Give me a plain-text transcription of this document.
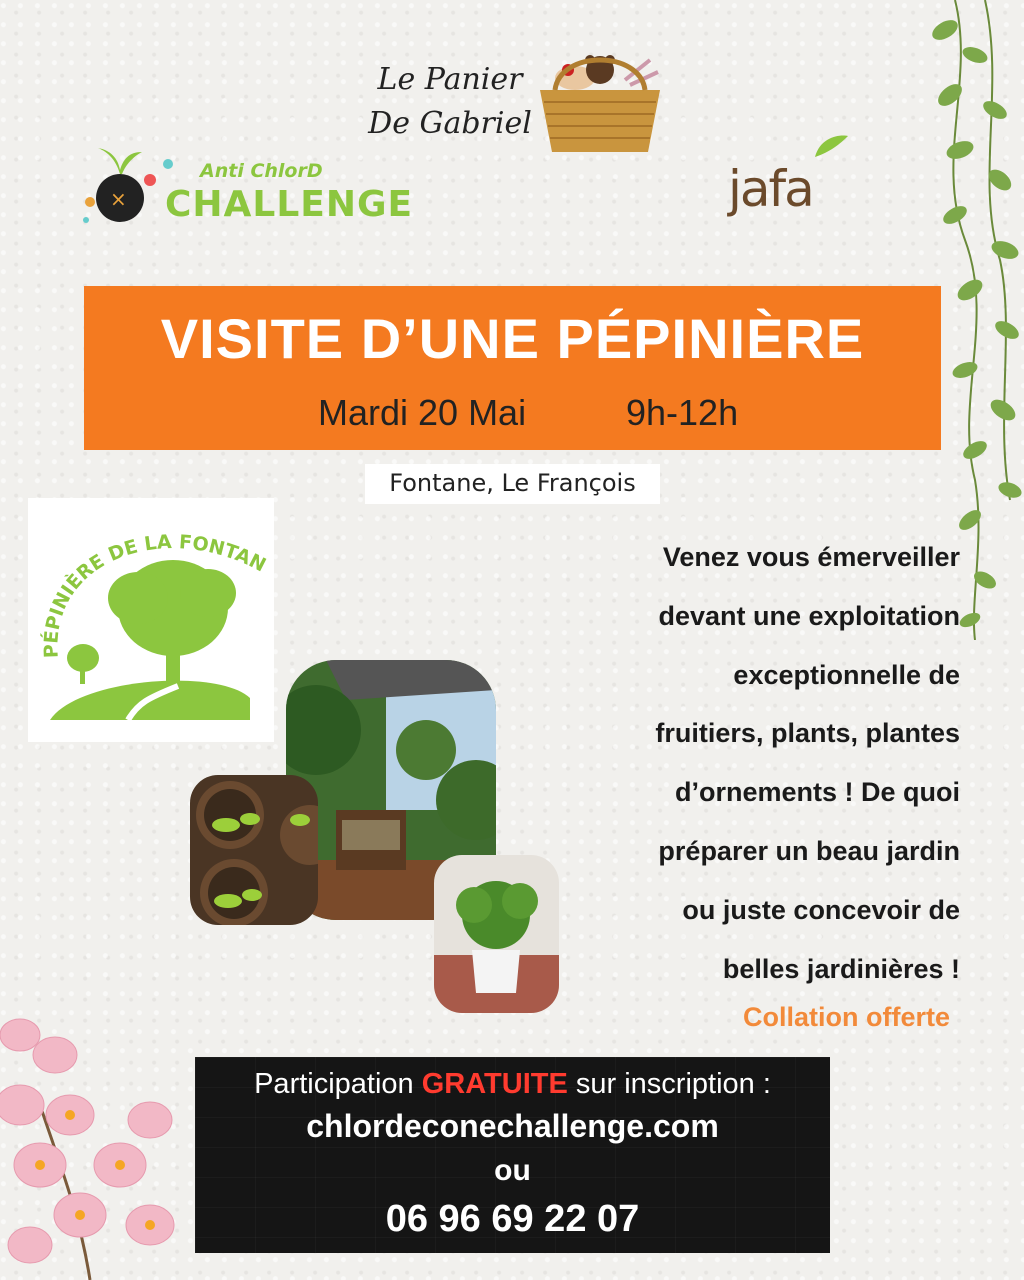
Le Panier
De Gabriel
×
Anti ChlorD
CHALLENGE	jafa
VISITE D’UNE PÉPINIÈRE
Mardi 20 Mai	9h-12h
Fontane, Le François
PÉPINIÈRE DE LA FONTAN	Venez vous émerveiller
devant une exploitation
exceptionnelle de
fruitiers, plants, plantes
d’ornements ! De quoi
préparer un beau jardin
ou juste concevoir de
belles jardinières !
Collation offerte
Participation GRATUITE sur inscription :
chlordeconechallenge.com
ou
06 96 69 22 07
